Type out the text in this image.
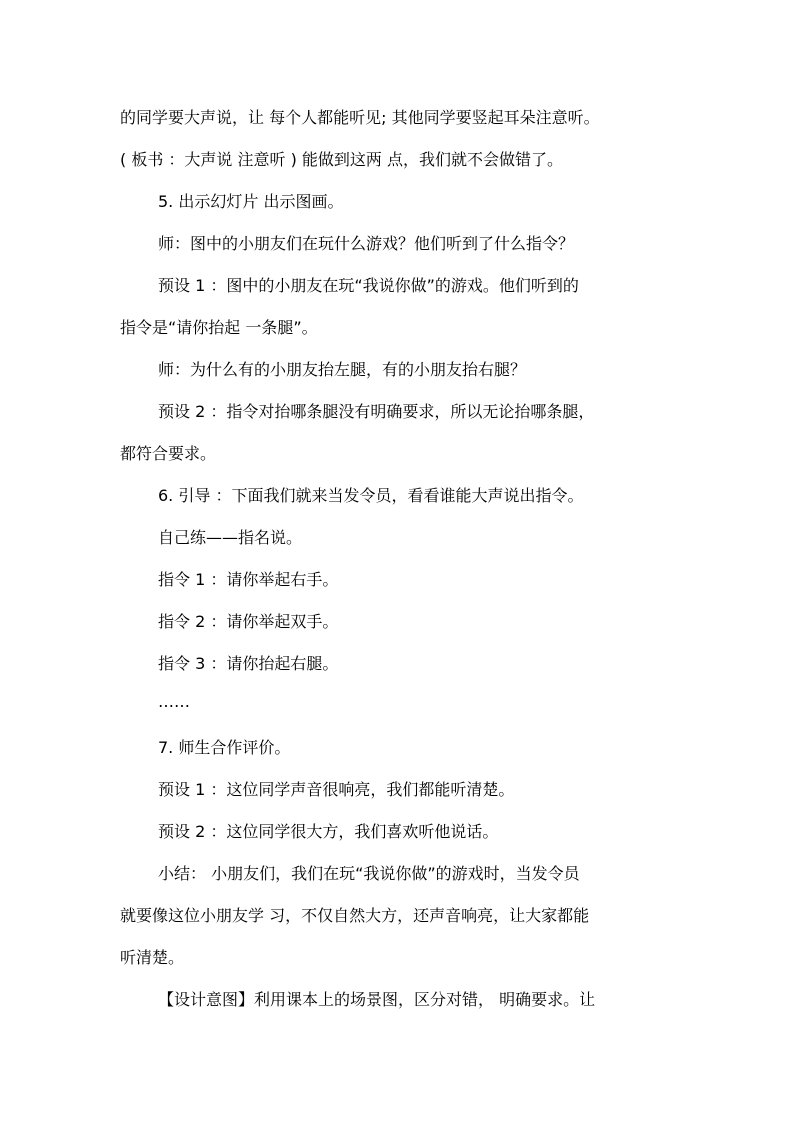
的同学要大声说，让 每个人都能听见; 其他同学要竖起耳朵注意听。
( 板书 ：大声说 注意听 ) 能做到这两 点，我们就不会做错了。
5. 出示幻灯片 出示图画。
师：图中的小朋友们在玩什么游戏？他们听到了什么指令？
预设 1 ：图中的小朋友在玩“我说你做”的游戏。他们听到的
指令是“请你抬起 一条腿”。
师：为什么有的小朋友抬左腿，有的小朋友抬右腿？
预设 2 ：指令对抬哪条腿没有明确要求，所以无论抬哪条腿，
都符合要求。
6. 引导 ：下面我们就来当发令员，看看谁能大声说出指令。
自己练——指名说。
指令 1 ：请你举起右手。
指令 2 ：请你举起双手。
指令 3 ：请你抬起右腿。
……
7. 师生合作评价。
预设 1 ：这位同学声音很响亮，我们都能听清楚。
预设 2 ：这位同学很大方，我们喜欢听他说话。
小结： 小朋友们，我们在玩“我说你做”的游戏时，当发令员
就要像这位小朋友学 习，不仅自然大方，还声音响亮，让大家都能
听清楚。
【设计意图】利用课本上的场景图，区分对错， 明确要求。让
